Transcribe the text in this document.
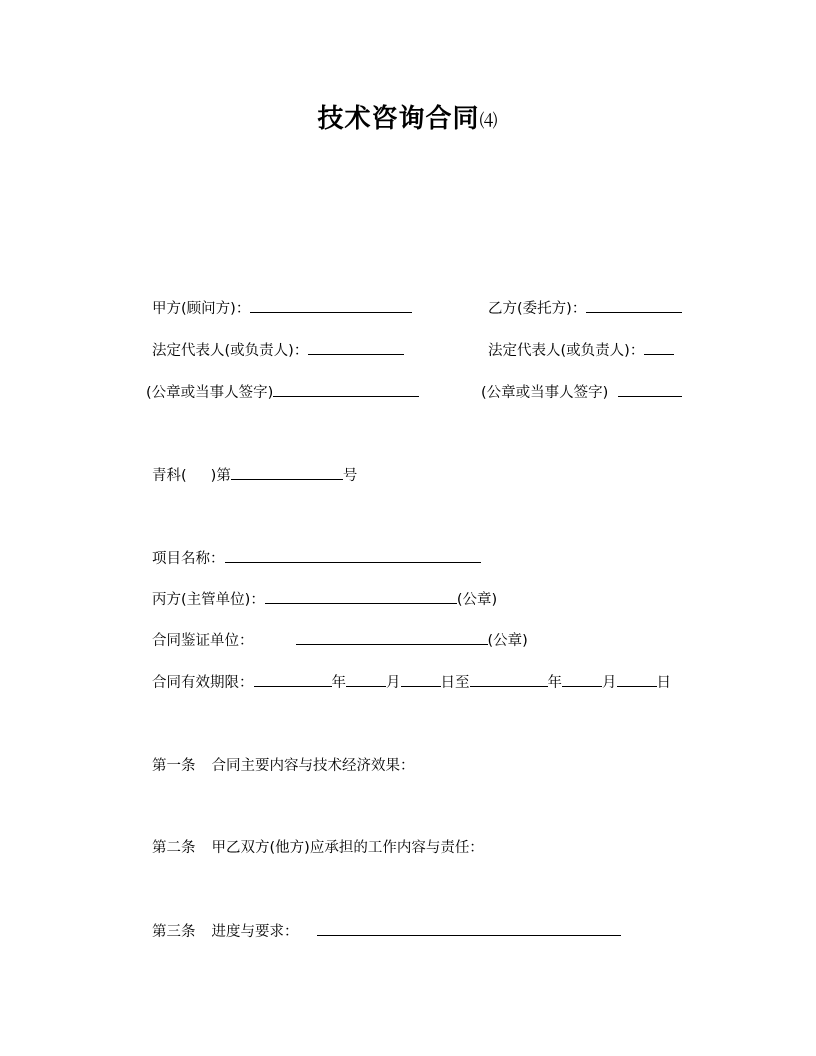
技术咨询合同⑷
甲方(顾问方)：	乙方(委托方)：
法定代表人(或负责人)：	法定代表人(或负责人)：
(公章或当事人签字)	(公章或当事人签字)
青科( )第	号
项目名称：
丙方(主管单位)：	(公章)
合同鉴证单位：	(公章)
合同有效期限：	年	月	日至	年	月	日
第一条 合同主要内容与技术经济效果：
第二条 甲乙双方(他方)应承担的工作内容与责任：
第三条 进度与要求：
